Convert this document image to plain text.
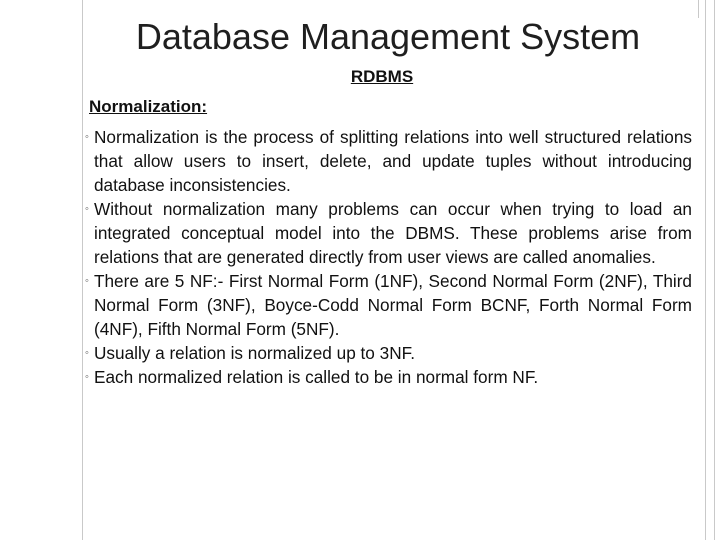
Database Management System
RDBMS
Normalization:
◦ Normalization is the process of splitting relations into well structured relations that allow users to insert, delete, and update tuples without introducing database inconsistencies.
◦ Without normalization many problems can occur when trying to load an integrated conceptual model into the DBMS. These problems arise from relations that are generated directly from user views are called anomalies.
◦ There are 5 NF:- First Normal Form (1NF), Second Normal Form (2NF), Third Normal Form (3NF), Boyce-Codd Normal Form BCNF, Forth Normal Form (4NF), Fifth Normal Form (5NF).
◦ Usually a relation is normalized up to 3NF.
◦ Each normalized relation is called to be in normal form NF.
